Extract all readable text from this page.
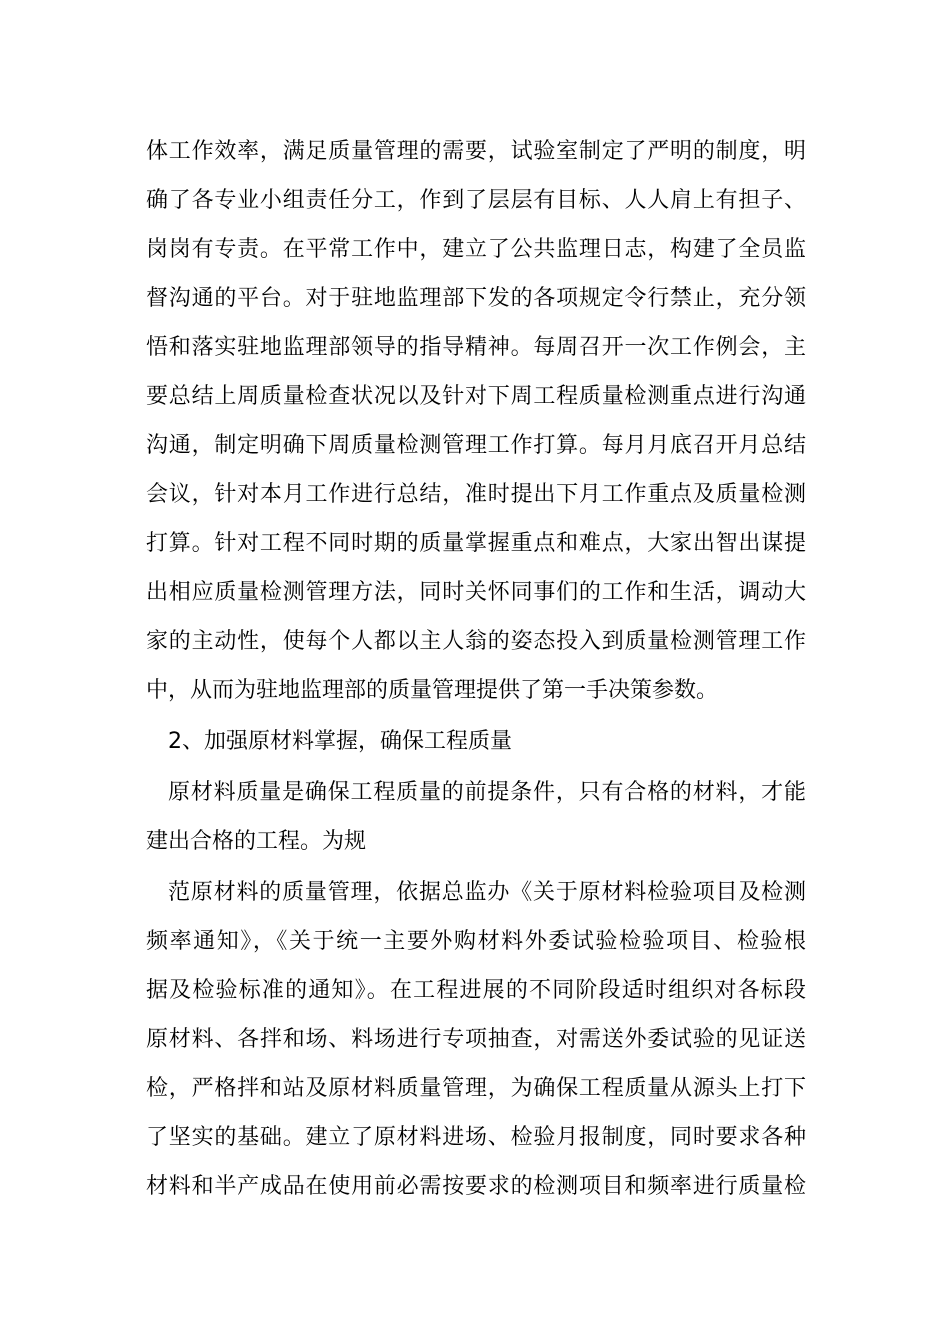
体工作效率，满足质量管理的需要，试验室制定了严明的制度，明
确了各专业小组责任分工，作到了层层有目标、人人肩上有担子、
岗岗有专责。在平常工作中，建立了公共监理日志，构建了全员监
督沟通的平台。对于驻地监理部下发的各项规定令行禁止，充分领
悟和落实驻地监理部领导的指导精神。每周召开一次工作例会，主
要总结上周质量检查状况以及针对下周工程质量检测重点进行沟通
沟通，制定明确下周质量检测管理工作打算。每月月底召开月总结
会议，针对本月工作进行总结，准时提出下月工作重点及质量检测
打算。针对工程不同时期的质量掌握重点和难点，大家出智出谋提
出相应质量检测管理方法，同时关怀同事们的工作和生活，调动大
家的主动性，使每个人都以主人翁的姿态投入到质量检测管理工作
中，从而为驻地监理部的质量管理提供了第一手决策参数。
2、加强原材料掌握，确保工程质量
原材料质量是确保工程质量的前提条件，只有合格的材料，才能
建出合格的工程。为规
范原材料的质量管理，依据总监办《关于原材料检验项目及检测
频率通知》，《关于统一主要外购材料外委试验检验项目、检验根
据及检验标准的通知》。在工程进展的不同阶段适时组织对各标段
原材料、各拌和场、料场进行专项抽查，对需送外委试验的见证送
检，严格拌和站及原材料质量管理，为确保工程质量从源头上打下
了坚实的基础。建立了原材料进场、检验月报制度，同时要求各种
材料和半产成品在使用前必需按要求的检测项目和频率进行质量检
